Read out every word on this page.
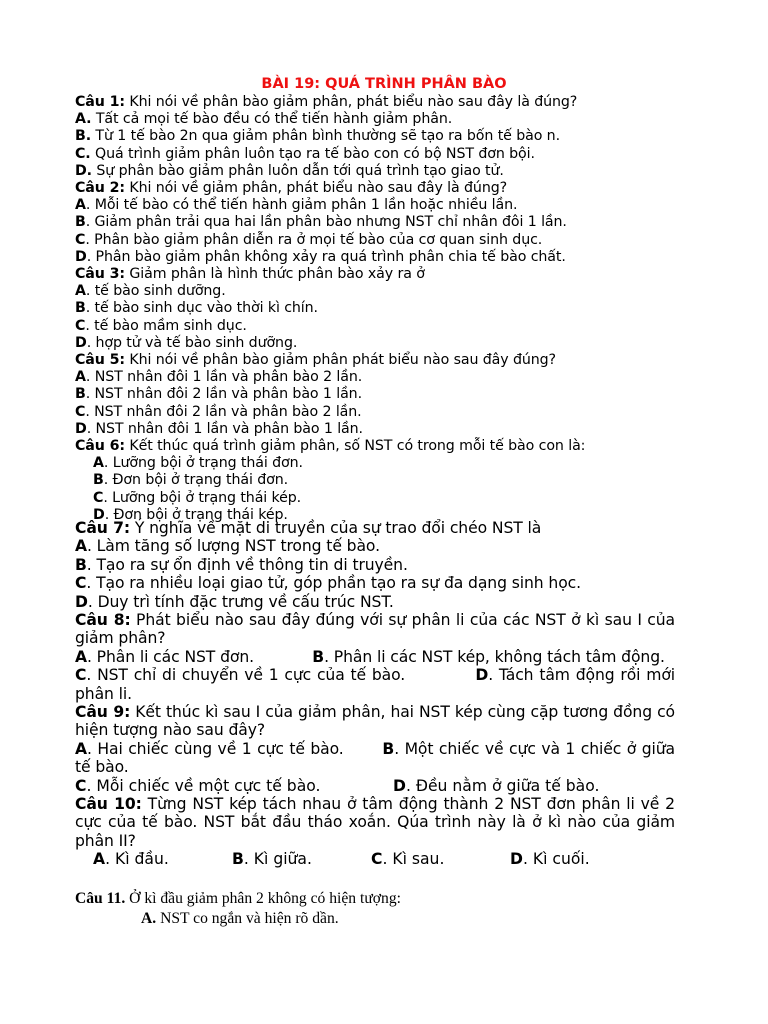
BÀI 19: QUÁ TRÌNH PHÂN BÀO

Câu 1: Khi nói về phân bào giảm phân, phát biểu nào sau đây là đúng?

A. Tất cả mọi tế bào đều có thể tiến hành giảm phân.

B. Từ 1 tế bào 2n qua giảm phân bình thường sẽ tạo ra bốn tế bào n.

C. Quá trình giảm phân luôn tạo ra tế bào con có bộ NST đơn bội.

D. Sự phân bào giảm phân luôn dẫn tới quá trình tạo giao tử.

Câu 2: Khi nói về giảm phân, phát biểu nào sau đây là đúng?

A. Mỗi tế bào có thể tiến hành giảm phân 1 lần hoặc nhiều lần.

B. Giảm phân trải qua hai lần phân bào nhưng NST chỉ nhân đôi 1 lần.

C. Phân bào giảm phân diễn ra ở mọi tế bào của cơ quan sinh dục.

D. Phân bào giảm phân không xảy ra quá trình phân chia tế bào chất.

Câu 3: Giảm phân là hình thức phân bào xảy ra ở

A. tế bào sinh dưỡng.

B. tế bào sinh dục vào thời kì chín.

C. tế bào mầm sinh dục.

D. hợp tử và tế bào sinh dưỡng.

Câu 5: Khi nói về phân bào giảm phân phát biểu nào sau đây đúng?

A. NST nhân đôi 1 lần và phân bào 2 lần.

B. NST nhân đôi 2 lần và phân bào 1 lần.

C. NST nhân đôi 2 lần và phân bào 2 lần.

D. NST nhân đôi 1 lần và phân bào 1 lần.

Câu 6: Kết thúc quá trình giảm phân, số NST có trong mỗi tế bào con là:

A. Lưỡng bội ở trạng thái đơn.

B. Đơn bội ở trạng thái đơn.

C. Lưỡng bội ở trạng thái kép.

D. Đơn bội ở trạng thái kép.

Câu 7: Ý nghĩa về mặt di truyền của sự trao đổi chéo NST là

A. Làm tăng số lượng NST trong tế bào.

B. Tạo ra sự ổn định về thông tin di truyền.

C. Tạo ra nhiều loại giao tử, góp phần tạo ra sự đa dạng sinh học.

D. Duy trì tính đặc trưng về cấu trúc NST.

Câu 8: Phát biểu nào sau đây đúng với sự phân li của các NST ở kì sau I của giảm phân?

A. Phân li các NST đơn.	B. Phân li các NST kép, không tách tâm động.

C. NST chỉ di chuyển về 1 cực của tế bào.	D. Tách tâm động rồi mới phân li.

Câu 9: Kết thúc kì sau I của giảm phân, hai NST kép cùng cặp tương đồng có hiện tượng nào sau đây?

A. Hai chiếc cùng về 1 cực tế bào. B. Một chiếc về cực và 1 chiếc ở giữa tế bào.

C. Mỗi chiếc về một cực tế bào.	D. Đều nằm ở giữa tế bào.

Câu 10: Từng NST kép tách nhau ở tâm động thành 2 NST đơn phân li về 2 cực của tế bào. NST bắt đầu tháo xoắn. Qúa trình này là ở kì nào của giảm phân II?

A. Kì đầu.	B. Kì giữa.	C. Kì sau.	D. Kì cuối.

Câu 11. Ở kì đầu giảm phân 2 không có hiện tượng:

A. NST co ngắn và hiện rõ dần.
